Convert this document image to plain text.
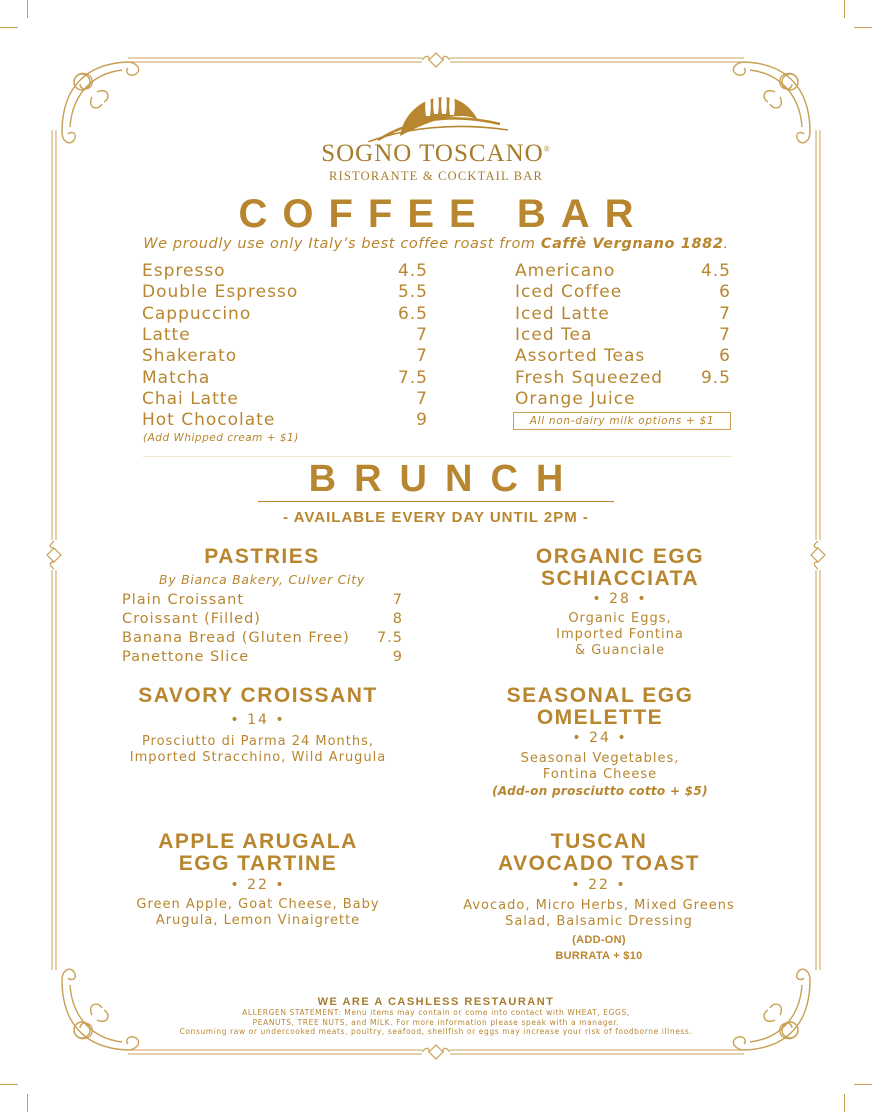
SOGNO TOSCANO®
RISTORANTE & COCKTAIL BAR
COFFEE BAR
We proudly use only Italy’s best coffee roast from Caffè Vergnano 1882.
Espresso	4.5
Double Espresso	5.5
Cappuccino	6.5
Latte	7
Shakerato	7
Matcha	7.5
Chai Latte	7
Hot Chocolate	9
Americano	4.5
Iced Coffee	6
Iced Latte	7
Iced Tea	7
Assorted Teas	6
Fresh Squeezed 9.5
Orange Juice
(Add Whipped cream + $1)
All non-dairy milk options + $1
BRUNCH
- AVAILABLE EVERY DAY UNTIL 2PM -
PASTRIES
By Bianca Bakery, Culver City
Plain Croissant	7
Croissant (Filled)	8
Banana Bread (Gluten Free) 7.5
Panettone Slice	9
ORGANIC EGG
SCHIACCIATA
• 28 •
Organic Eggs,
Imported Fontina
& Guanciale
SAVORY CROISSANT
• 14 •
Prosciutto di Parma 24 Months,
Imported Stracchino, Wild Arugula
SEASONAL EGG
OMELETTE
• 24 •
Seasonal Vegetables,
Fontina Cheese
(Add-on prosciutto cotto + $5)
APPLE ARUGALA
EGG TARTINE
• 22 •
Green Apple, Goat Cheese, Baby
Arugula, Lemon Vinaigrette
TUSCAN
AVOCADO TOAST
• 22 •
Avocado, Micro Herbs, Mixed Greens
Salad, Balsamic Dressing
(ADD-ON)
BURRATA + $10
WE ARE A CASHLESS RESTAURANT
ALLERGEN STATEMENT: Menu items may contain or come into contact with WHEAT, EGGS,
PEANUTS, TREE NUTS, and MILK. For more information please speak with a manager.
Consuming raw or undercooked meats, poultry, seafood, shellfish or eggs may increase your risk of foodborne illness.
